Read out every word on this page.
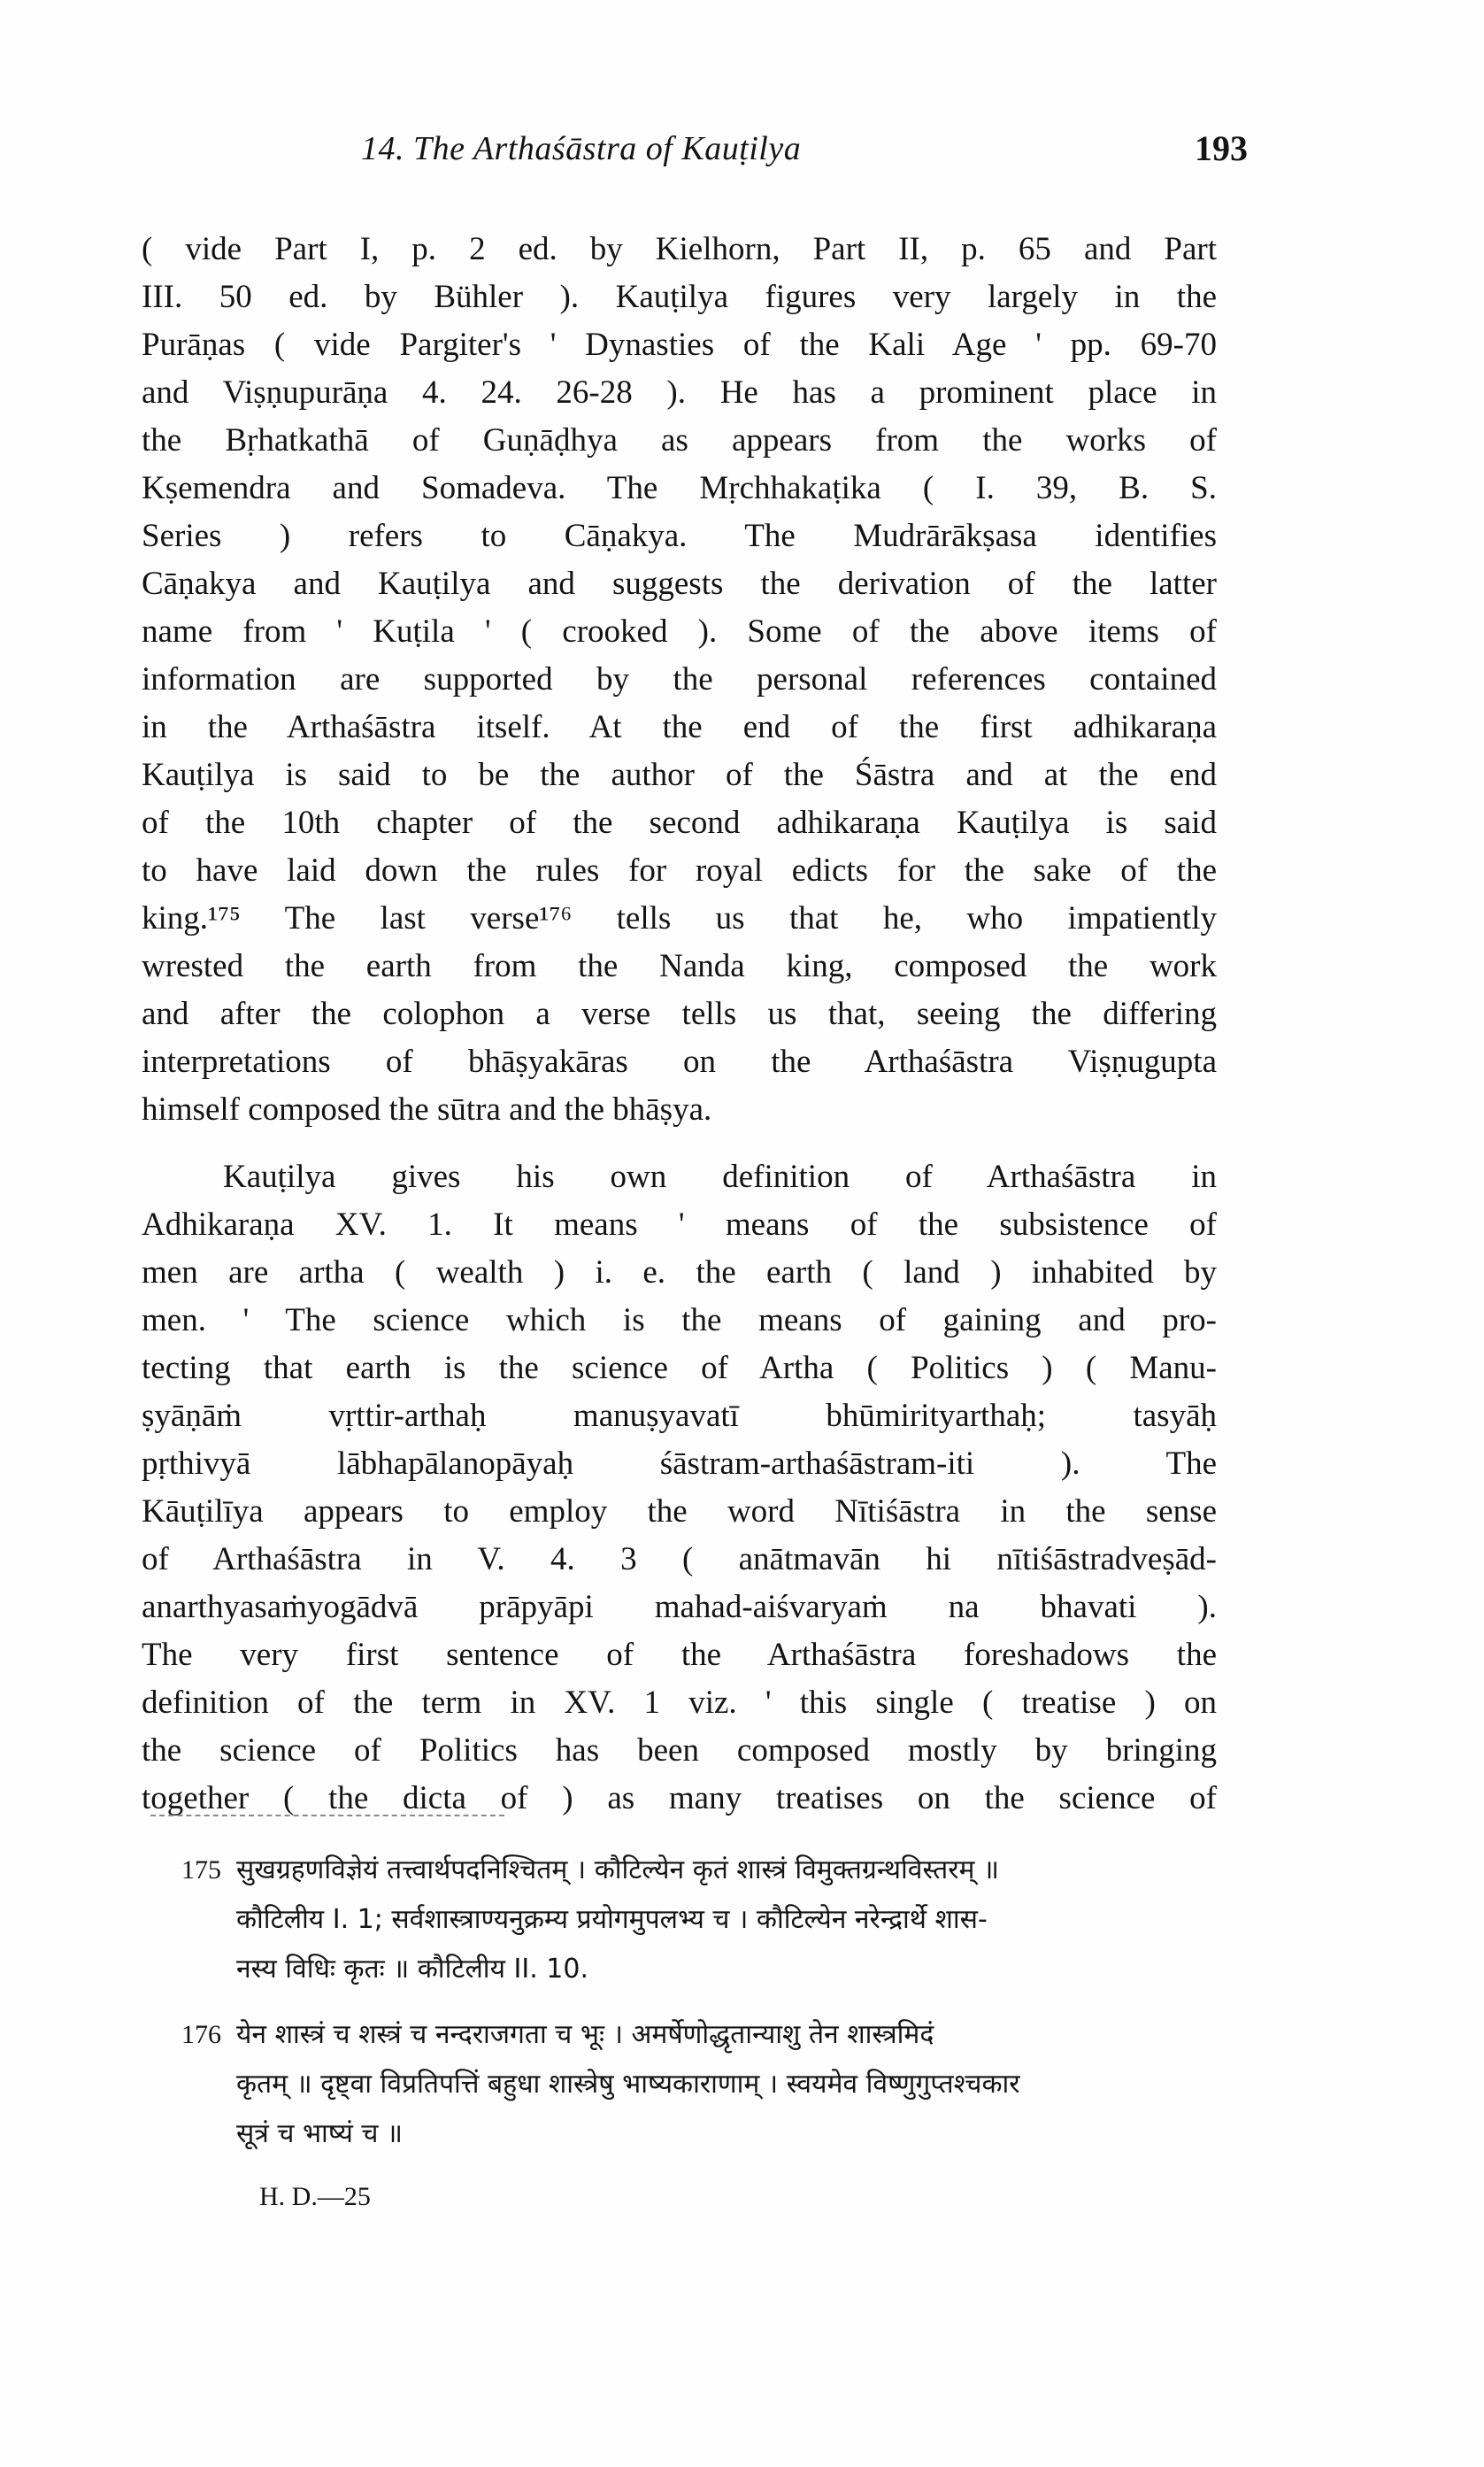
14. The Arthaśāstra of Kauṭilya	193
( vide Part I, p. 2 ed. by Kielhorn, Part II, p. 65 and Part
III. 50 ed. by Bühler ). Kauṭilya figures very largely in the
Purāṇas ( vide Pargiter's ' Dynasties of the Kali Age ' pp. 69-70
and Viṣṇupurāṇa 4. 24. 26-28 ). He has a prominent place in
the Bṛhatkathā of Guṇāḍhya as appears from the works of
Kṣemendra and Somadeva. The Mṛchhakaṭika ( I. 39, B. S.
Series ) refers to Cāṇakya. The Mudrārākṣasa identifies
Cāṇakya and Kauṭilya and suggests the derivation of the latter
name from ' Kuṭila ' ( crooked ). Some of the above items of
information are supported by the personal references contained
in the Arthaśāstra itself. At the end of the first adhikaraṇa
Kauṭilya is said to be the author of the Śāstra and at the end
of the 10th chapter of the second adhikaraṇa Kauṭilya is said
to have laid down the rules for royal edicts for the sake of the
king.¹⁷⁵ The last verse¹⁷⁶ tells us that he, who impatiently
wrested the earth from the Nanda king, composed the work
and after the colophon a verse tells us that, seeing the differing
interpretations of bhāṣyakāras on the Arthaśāstra Viṣṇugupta
himself composed the sūtra and the bhāṣya.
Kauṭilya gives his own definition of Arthaśāstra in
Adhikaraṇa XV. 1. It means ' means of the subsistence of
men are artha ( wealth ) i. e. the earth ( land ) inhabited by
men. ' The science which is the means of gaining and pro-
tecting that earth is the science of Artha ( Politics ) ( Manu-
ṣyāṇāṁ vṛttir-arthaḥ manuṣyavatī bhūmirityarthaḥ; tasyāḥ
pṛthivyā lābhapālanopāyaḥ śāstram-arthaśāstram-iti ). The
Kāuṭilīya appears to employ the word Nītiśāstra in the sense
of Arthaśāstra in V. 4. 3 ( anātmavān hi nītiśāstradveṣād-
anarthyasaṁyogādvā prāpyāpi mahad-aiśvaryaṁ na bhavati ).
The very first sentence of the Arthaśāstra foreshadows the
definition of the term in XV. 1 viz. ' this single ( treatise ) on
the science of Politics has been composed mostly by bringing
together ( the dicta of ) as many treatises on the science of
175 सुखग्रहणविज्ञेयं तत्त्वार्थपदनिश्चितम् । कौटिल्येन कृतं शास्त्रं विमुक्तग्रन्थविस्तरम् ॥
कौटिलीय I. 1; सर्वशास्त्राण्यनुक्रम्य प्रयोगमुपलभ्य च । कौटिल्येन नरेन्द्रार्थे शास-
नस्य विधिः कृतः ॥ कौटिलीय II. 10.
176 येन शास्त्रं च शस्त्रं च नन्दराजगता च भूः । अमर्षेणोद्धृतान्याशु तेन शास्त्रमिदं
कृतम् ॥ दृष्ट्वा विप्रतिपत्तिं बहुधा शास्त्रेषु भाष्यकाराणाम् । स्वयमेव विष्णुगुप्तश्चकार
सूत्रं च भाष्यं च ॥
H. D.—25
